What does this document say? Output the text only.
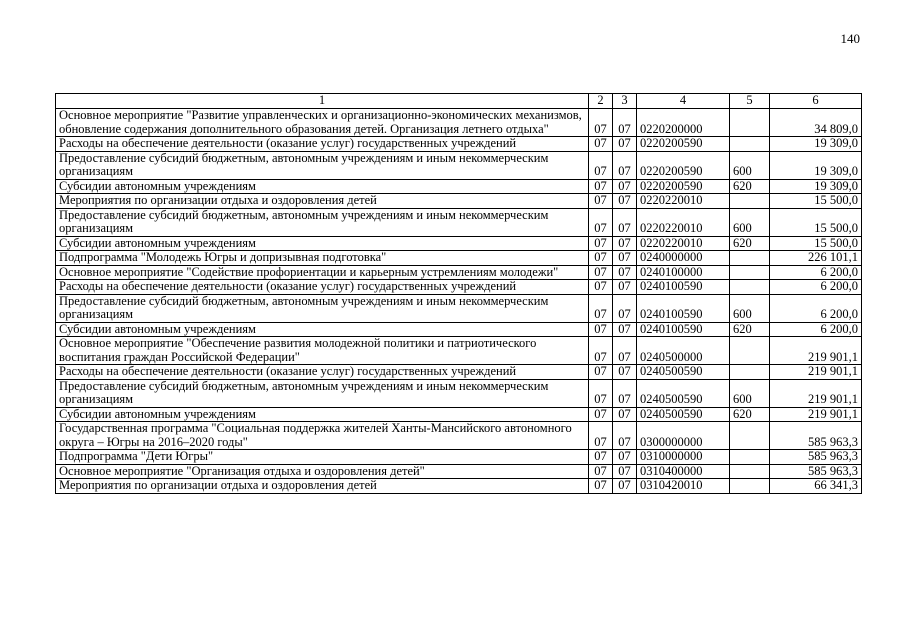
140
1	2	3	4	5	6
Основное мероприятие "Развитие управленческих и организационно-экономических механизмов, обновление содержания дополнительного образования детей. Организация летнего отдыха"	07	07	0220200000		34 809,0
Расходы на обеспечение деятельности (оказание услуг) государственных учреждений	07	07	0220200590		19 309,0
Предоставление субсидий бюджетным, автономным учреждениям и иным некоммерческим организациям	07	07	0220200590	600	19 309,0
Субсидии автономным учреждениям	07	07	0220200590	620	19 309,0
Мероприятия по организации отдыха и оздоровления детей	07	07	0220220010		15 500,0
Предоставление субсидий бюджетным, автономным учреждениям и иным некоммерческим организациям	07	07	0220220010	600	15 500,0
Субсидии автономным учреждениям	07	07	0220220010	620	15 500,0
Подпрограмма "Молодежь Югры и допризывная подготовка"	07	07	0240000000		226 101,1
Основное мероприятие "Содействие профориентации и карьерным устремлениям молодежи"	07	07	0240100000		6 200,0
Расходы на обеспечение деятельности (оказание услуг) государственных учреждений	07	07	0240100590		6 200,0
Предоставление субсидий бюджетным, автономным учреждениям и иным некоммерческим организациям	07	07	0240100590	600	6 200,0
Субсидии автономным учреждениям	07	07	0240100590	620	6 200,0
Основное мероприятие "Обеспечение развития молодежной политики и патриотического воспитания граждан Российской Федерации"	07	07	0240500000		219 901,1
Расходы на обеспечение деятельности (оказание услуг) государственных учреждений	07	07	0240500590		219 901,1
Предоставление субсидий бюджетным, автономным учреждениям и иным некоммерческим организациям	07	07	0240500590	600	219 901,1
Субсидии автономным учреждениям	07	07	0240500590	620	219 901,1
Государственная программа "Социальная поддержка жителей Ханты-Мансийского автономного округа – Югры на 2016–2020 годы"	07	07	0300000000		585 963,3
Подпрограмма "Дети Югры"	07	07	0310000000		585 963,3
Основное мероприятие "Организация отдыха и оздоровления детей"	07	07	0310400000		585 963,3
Мероприятия по организации отдыха и оздоровления детей	07	07	0310420010		66 341,3
